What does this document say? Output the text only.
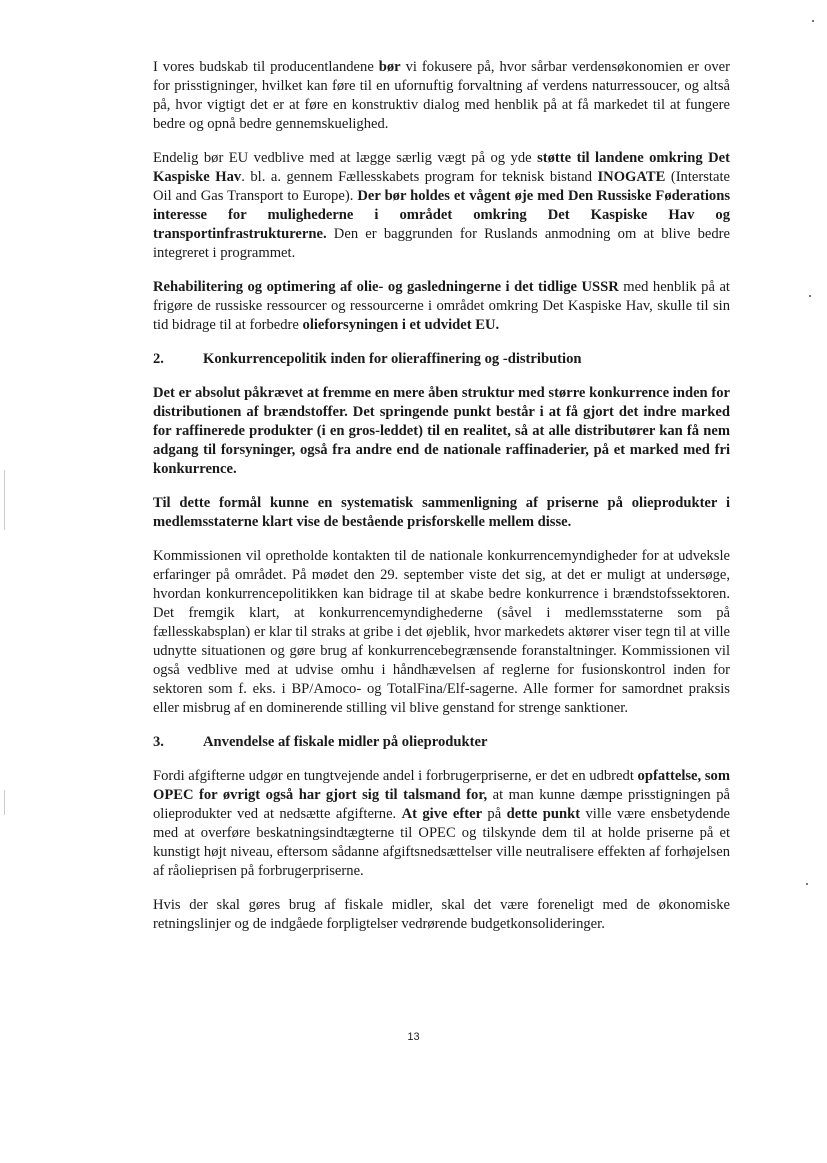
I vores budskab til producentlandene bør vi fokusere på, hvor sårbar verdensøkonomien er over for prisstigninger, hvilket kan føre til en ufornuftig forvaltning af verdens naturressoucer, og altså på, hvor vigtigt det er at føre en konstruktiv dialog med henblik på at få markedet til at fungere bedre og opnå bedre gennemskuelighed.

Endelig bør EU vedblive med at lægge særlig vægt på og yde støtte til landene omkring Det Kaspiske Hav. bl. a. gennem Fællesskabets program for teknisk bistand INOGATE (Interstate Oil and Gas Transport to Europe). Der bør holdes et vågent øje med Den Russiske Føderations interesse for mulighederne i området omkring Det Kaspiske Hav og transportinfrastrukturerne. Den er baggrunden for Ruslands anmodning om at blive bedre integreret i programmet.

Rehabilitering og optimering af olie- og gasledningerne i det tidlige USSR med henblik på at frigøre de russiske ressourcer og ressourcerne i området omkring Det Kaspiske Hav, skulle til sin tid bidrage til at forbedre olieforsyningen i et udvidet EU.

2.	Konkurrencepolitik inden for olieraffinering og -distribution

Det er absolut påkrævet at fremme en mere åben struktur med større konkurrence inden for distributionen af brændstoffer. Det springende punkt består i at få gjort det indre marked for raffinerede produkter (i en gros-leddet) til en realitet, så at alle distributører kan få nem adgang til forsyninger, også fra andre end de nationale raffinaderier, på et marked med fri konkurrence.

Til dette formål kunne en systematisk sammenligning af priserne på olieprodukter i medlemsstaterne klart vise de bestående prisforskelle mellem disse.

Kommissionen vil opretholde kontakten til de nationale konkurrencemyndigheder for at udveksle erfaringer på området. På mødet den 29. september viste det sig, at det er muligt at undersøge, hvordan konkurrencepolitikken kan bidrage til at skabe bedre konkurrence i brændstofssektoren. Det fremgik klart, at konkurrencemyndighederne (såvel i medlemsstaterne som på fællesskabsplan) er klar til straks at gribe i det øjeblik, hvor markedets aktører viser tegn til at ville udnytte situationen og gøre brug af konkurrencebegrænsende foranstaltninger. Kommissionen vil også vedblive med at udvise omhu i håndhævelsen af reglerne for fusionskontrol inden for sektoren som f. eks. i BP/Amoco- og TotalFina/Elf-sagerne. Alle former for samordnet praksis eller misbrug af en dominerende stilling vil blive genstand for strenge sanktioner.

3.	Anvendelse af fiskale midler på olieprodukter

Fordi afgifterne udgør en tungtvejende andel i forbrugerpriserne, er det en udbredt opfattelse, som OPEC for øvrigt også har gjort sig til talsmand for, at man kunne dæmpe prisstigningen på olieprodukter ved at nedsætte afgifterne. At give efter på dette punkt ville være ensbetydende med at overføre beskatningsindtægterne til OPEC og tilskynde dem til at holde priserne på et kunstigt højt niveau, eftersom sådanne afgiftsnedsættelser ville neutralisere effekten af forhøjelsen af råolieprisen på forbrugerpriserne.

Hvis der skal gøres brug af fiskale midler, skal det være foreneligt med de økonomiske retningslinjer og de indgåede forpligtelser vedrørende budgetkonsolideringer.

13
